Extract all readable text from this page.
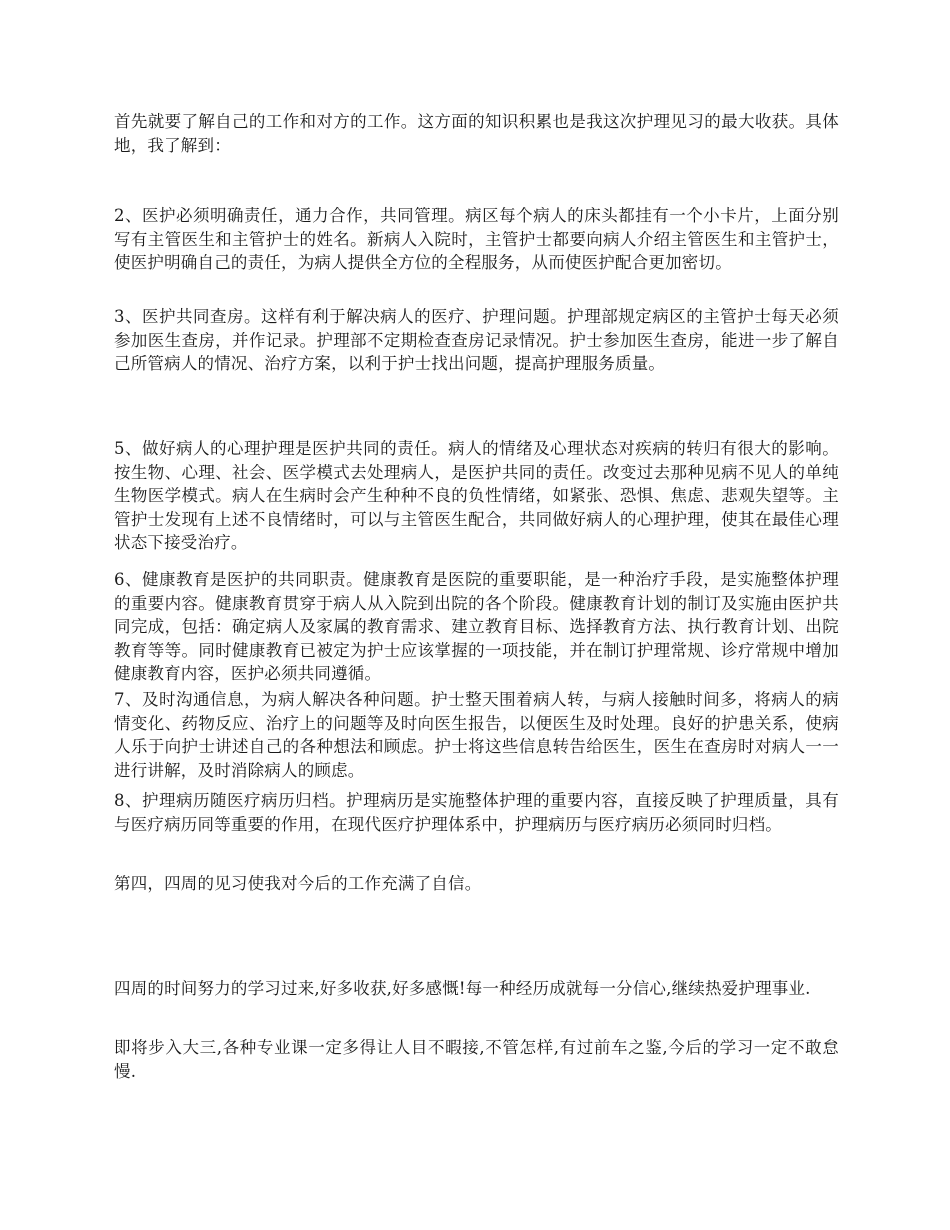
首先就要了解自己的工作和对方的工作。这方面的知识积累也是我这次护理见习的最大收获。具体地，我了解到：

2、医护必须明确责任，通力合作，共同管理。病区每个病人的床头都挂有一个小卡片，上面分别写有主管医生和主管护士的姓名。新病人入院时，主管护士都要向病人介绍主管医生和主管护士，使医护明确自己的责任，为病人提供全方位的全程服务，从而使医护配合更加密切。

3、医护共同查房。这样有利于解决病人的医疗、护理问题。护理部规定病区的主管护士每天必须参加医生查房，并作记录。护理部不定期检查查房记录情况。护士参加医生查房，能进一步了解自己所管病人的情况、治疗方案，以利于护士找出问题，提高护理服务质量。

5、做好病人的心理护理是医护共同的责任。病人的情绪及心理状态对疾病的转归有很大的影响。按生物、心理、社会、医学模式去处理病人，是医护共同的责任。改变过去那种见病不见人的单纯生物医学模式。病人在生病时会产生种种不良的负性情绪，如紧张、恐惧、焦虑、悲观失望等。主管护士发现有上述不良情绪时，可以与主管医生配合，共同做好病人的心理护理，使其在最佳心理状态下接受治疗。

6、健康教育是医护的共同职责。健康教育是医院的重要职能，是一种治疗手段，是实施整体护理的重要内容。健康教育贯穿于病人从入院到出院的各个阶段。健康教育计划的制订及实施由医护共同完成，包括：确定病人及家属的教育需求、建立教育目标、选择教育方法、执行教育计划、出院教育等等。同时健康教育已被定为护士应该掌握的一项技能，并在制订护理常规、诊疗常规中增加健康教育内容，医护必须共同遵循。

7、及时沟通信息，为病人解决各种问题。护士整天围着病人转，与病人接触时间多，将病人的病情变化、药物反应、治疗上的问题等及时向医生报告，以便医生及时处理。良好的护患关系，使病人乐于向护士讲述自己的各种想法和顾虑。护士将这些信息转告给医生，医生在查房时对病人一一进行讲解，及时消除病人的顾虑。

8、护理病历随医疗病历归档。护理病历是实施整体护理的重要内容，直接反映了护理质量，具有与医疗病历同等重要的作用，在现代医疗护理体系中，护理病历与医疗病历必须同时归档。

第四，四周的见习使我对今后的工作充满了自信。

四周的时间努力的学习过来,好多收获,好多感慨!每一种经历成就每一分信心,继续热爱护理事业.

即将步入大三,各种专业课一定多得让人目不暇接,不管怎样,有过前车之鉴,今后的学习一定不敢怠慢.
